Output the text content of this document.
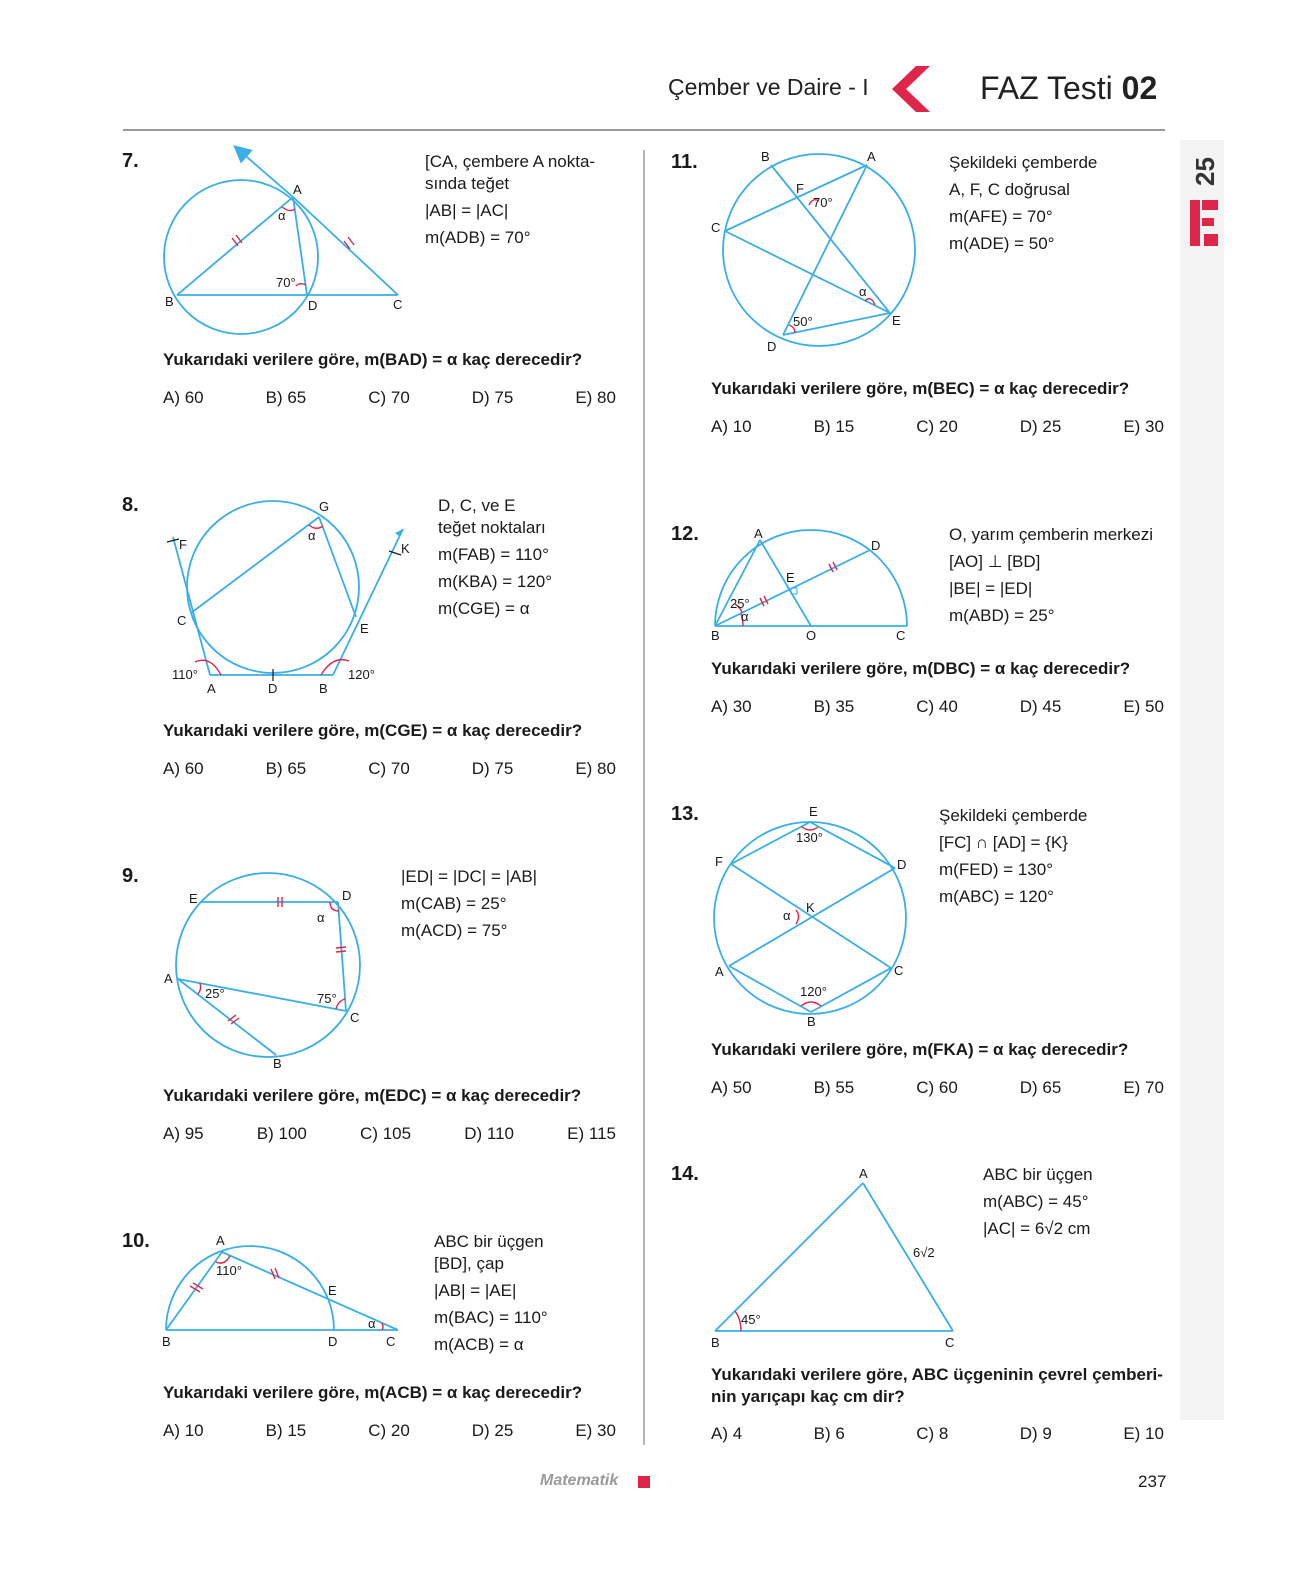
Çember ve Daire - I	FAZ Testi 02
25
7.
A
B	C
D
70°
α
[CA, çembere A nokta-
sında teğet
|AB| = |AC|
m(ADB) = 70°
Yukarıdaki verilere göre, m(BAD) = α kaç derecedir?
A) 60	B) 65	C) 70	D) 75	E) 80
8.
F
G
K
C
E
A	D	B
110°	120°
α
D, C, ve E
teğet noktaları
m(FAB) = 110°
m(KBA) = 120°
m(CGE) = α
Yukarıdaki verilere göre, m(CGE) = α kaç derecedir?
A) 60	B) 65	C) 70	D) 75	E) 80
9.
E	D
A
C
B
25°	75°
α
|ED| = |DC| = |AB|
m(CAB) = 25°
m(ACD) = 75°
Yukarıdaki verilere göre, m(EDC) = α kaç derecedir?
A) 95	B) 100	C) 105	D) 110	E) 115
10.	A
B	D	C
E
110°
α
ABC bir üçgen
[BD], çap
|AB| = |AE|
m(BAC) = 110°
m(ACB) = α
Yukarıdaki verilere göre, m(ACB) = α kaç derecedir?
A) 10	B) 15	C) 20	D) 25	E) 30
11.	B	A
F
C
E
D
70°
50°
α
Şekildeki çemberde
A, F, C doğrusal
m(AFE) = 70°
m(ADE) = 50°
Yukarıdaki verilere göre, m(BEC) = α kaç derecedir?
A) 10	B) 15	C) 20	D) 25	E) 30
12.	A
D
E
B	O	C
25°
α
O, yarım çemberin merkezi
[AO] ⊥ [BD]
|BE| = |ED|
m(ABD) = 25°
Yukarıdaki verilere göre, m(DBC) = α kaç derecedir?
A) 30	B) 35	C) 40	D) 45	E) 50
13.	E
F	D
K
A	C
B
130°
120°
α
Şekildeki çemberde
[FC] ∩ [AD] = {K}
m(FED) = 130°
m(ABC) = 120°
Yukarıdaki verilere göre, m(FKA) = α kaç derecedir?
A) 50	B) 55	C) 60	D) 65	E) 70
14.	A
B	C
45°
6√2
ABC bir üçgen
m(ABC) = 45°
|AC| = 6√2 cm
Yukarıdaki verilere göre, ABC üçgeninin çevrel çemberi-nin yarıçapı kaç cm dir?
A) 4	B) 6	C) 8	D) 9	E) 10
Matematik	237
